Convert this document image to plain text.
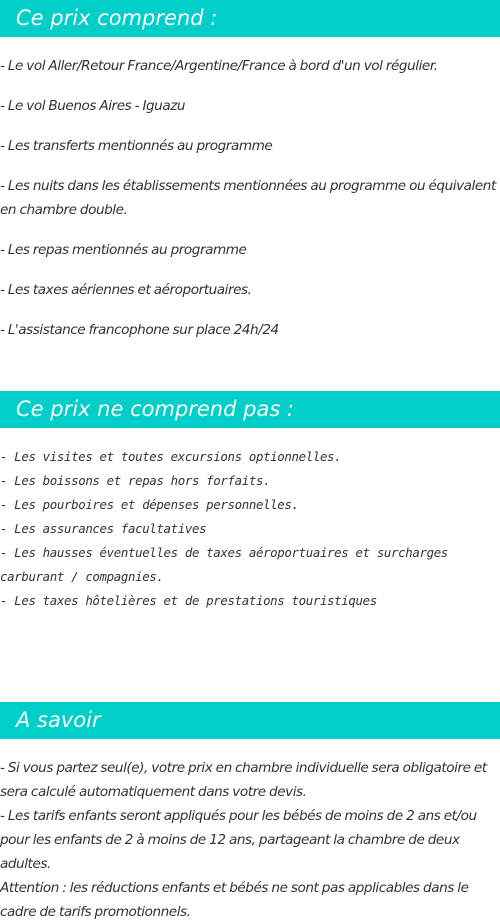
Ce prix comprend :
- Le vol Aller/Retour France/Argentine/France à bord d'un vol régulier.
- Le vol Buenos Aires - Iguazu
- Les transferts mentionnés au programme
- Les nuits dans les établissements mentionnées au programme ou équivalent en chambre double.
- Les repas mentionnés au programme
- Les taxes aériennes et aéroportuaires.
- L'assistance francophone sur place 24h/24
Ce prix ne comprend pas :
- Les visites et toutes excursions optionnelles.
- Les boissons et repas hors forfaits.
- Les pourboires et dépenses personnelles.
- Les assurances facultatives
- Les hausses éventuelles de taxes aéroportuaires et surcharges carburant / compagnies.
- Les taxes hôtelières et de prestations touristiques
A savoir
- Si vous partez seul(e), votre prix en chambre individuelle sera obligatoire et sera calculé automatiquement dans votre devis.
- Les tarifs enfants seront appliqués pour les bébés de moins de 2 ans et/ou pour les enfants de 2 à moins de 12 ans, partageant la chambre de deux adultes.
Attention : les réductions enfants et bébés ne sont pas applicables dans le cadre de tarifs promotionnels.
